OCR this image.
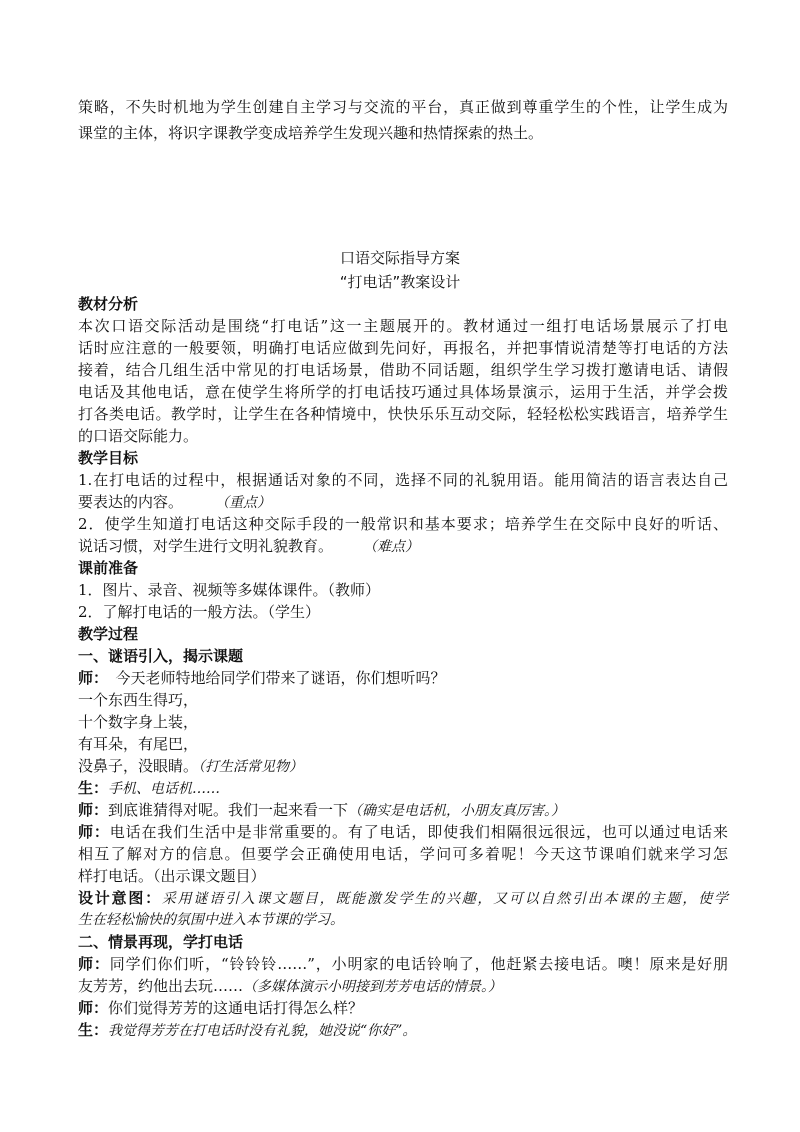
策略，不失时机地为学生创建自主学习与交流的平台，真正做到尊重学生的个性，让学生成为
课堂的主体，将识字课教学变成培养学生发现兴趣和热情探索的热土。
口语交际指导方案
“打电话”教案设计
教材分析
本次口语交际活动是围绕“打电话”这一主题展开的。教材通过一组打电话场景展示了打电
话时应注意的一般要领，明确打电话应做到先问好，再报名，并把事情说清楚等打电话的方法
接着，结合几组生活中常见的打电话场景，借助不同话题，组织学生学习拨打邀请电话、请假
电话及其他电话，意在使学生将所学的打电话技巧通过具体场景演示，运用于生活，并学会拨
打各类电话。教学时，让学生在各种情境中，快快乐乐互动交际，轻轻松松实践语言，培养学生
的口语交际能力。
教学目标
1.在打电话的过程中，根据通话对象的不同，选择不同的礼貌用语。能用简洁的语言表达自己
要表达的内容。 （重点）
2．使学生知道打电话这种交际手段的一般常识和基本要求；培养学生在交际中良好的听话、
说话习惯，对学生进行文明礼貌教育。 （难点）
课前准备
1．图片、录音、视频等多媒体课件。（教师）
2．了解打电话的一般方法。（学生）
教学过程
一、谜语引入，揭示课题
师：　今天老师特地给同学们带来了谜语，你们想听吗？
一个东西生得巧，
十个数字身上装，
有耳朵，有尾巴，
没鼻子，没眼睛。（打生活常见物）
生：手机、电话机……
师：到底谁猜得对呢。我们一起来看一下（确实是电话机，小朋友真厉害。）
师：电话在我们生活中是非常重要的。有了电话，即使我们相隔很远很远，也可以通过电话来
相互了解对方的信息。但要学会正确使用电话，学问可多着呢！今天这节课咱们就来学习怎
样打电话。（出示课文题目）
设计意图：采用谜语引入课文题目，既能激发学生的兴趣，又可以自然引出本课的主题，使学
生在轻松愉快的氛围中进入本节课的学习。
二、情景再现，学打电话
师：同学们你们听，“铃铃铃……”，小明家的电话铃响了，他赶紧去接电话。噢！原来是好朋
友芳芳，约他出去玩……（多媒体演示小明接到芳芳电话的情景。）
师：你们觉得芳芳的这通电话打得怎么样？
生：我觉得芳芳在打电话时没有礼貌，她没说“你好”。
